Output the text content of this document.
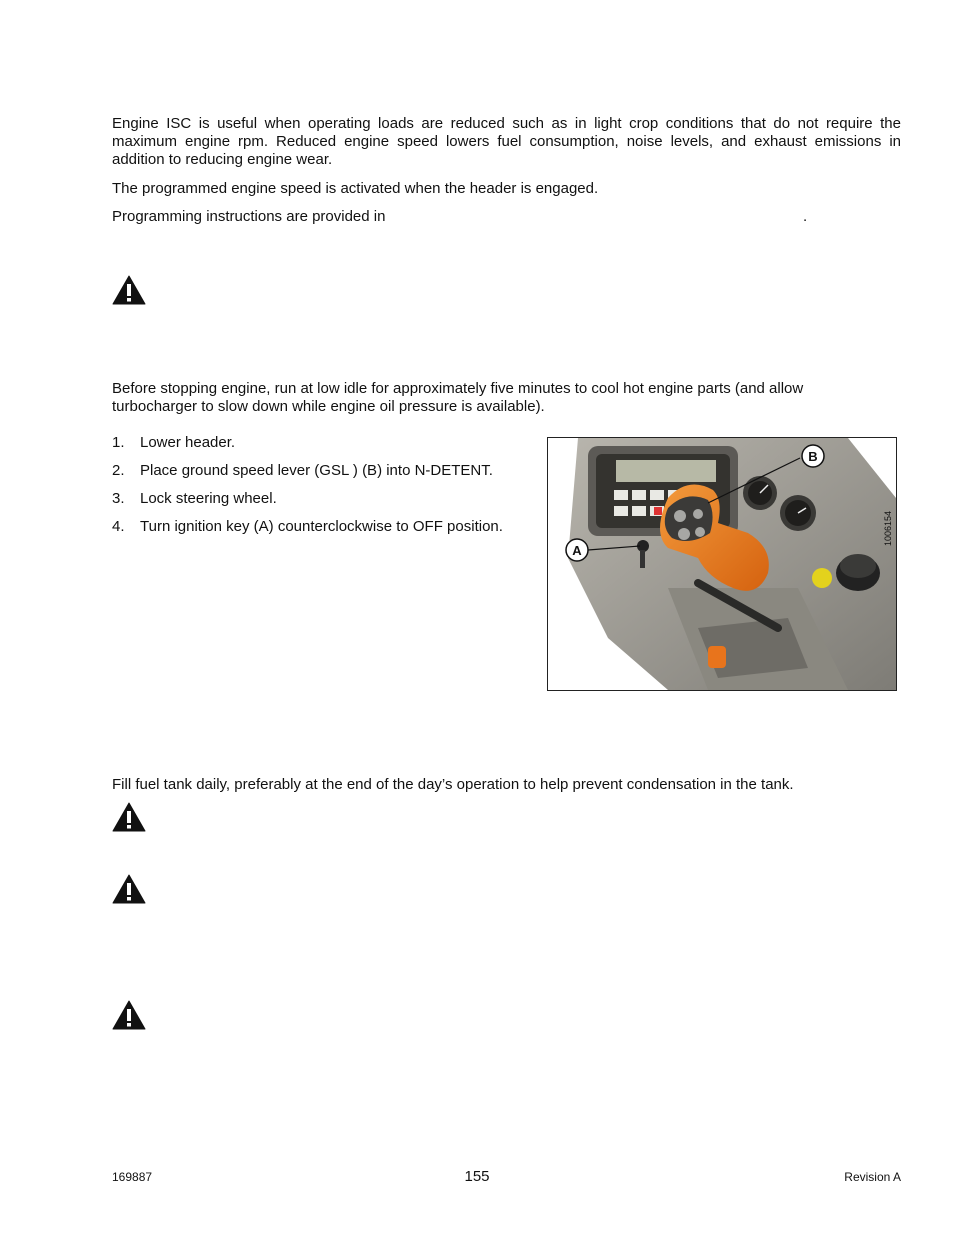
Engine ISC is useful when operating loads are reduced such as in light crop conditions that do not require the maximum engine rpm. Reduced engine speed lowers fuel consumption, noise levels, and exhaust emissions in addition to reducing engine wear.

The programmed engine speed is activated when the header is engaged.

Programming instructions are provided in	.

Before stopping engine, run at low idle for approximately five minutes to cool hot engine parts (and allow turbocharger to slow down while engine oil pressure is available).

1. Lower header.
2. Place ground speed lever (GSL ) (B) into N-DETENT.
3. Lock steering wheel.
4. Turn ignition key (A) counterclockwise to OFF position.
B
A
1006154

Fill fuel tank daily, preferably at the end of the day’s operation to help prevent condensation in the tank.

169887	155	Revision A
